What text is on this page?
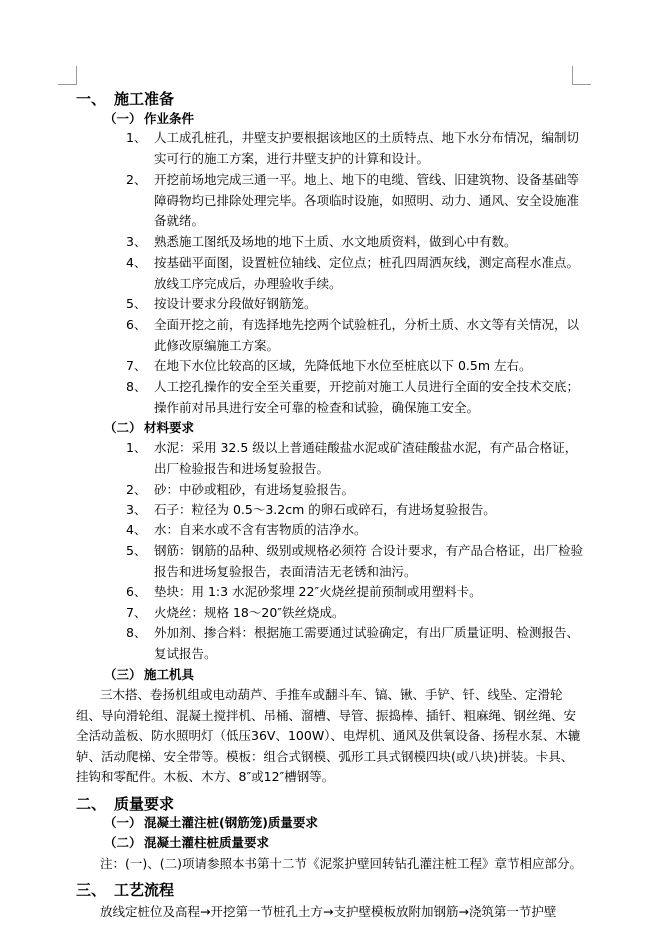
一、 施工准备
（一） 作业条件
1、 人工成孔桩孔，井壁支护要根据该地区的土质特点、地下水分布情况，编制切实可行的施工方案，进行井壁支护的计算和设计。
2、 开挖前场地完成三通一平。地上、地下的电缆、管线、旧建筑物、设备基础等障碍物均已排除处理完毕。各项临时设施，如照明、动力、通风、安全设施准备就绪。
3、 熟悉施工图纸及场地的地下土质、水文地质资料，做到心中有数。
4、 按基础平面图，设置桩位轴线、定位点；桩孔四周洒灰线，测定高程水准点。放线工序完成后，办理验收手续。
5、 按设计要求分段做好钢筋笼。
6、 全面开挖之前，有选择地先挖两个试验桩孔，分析土质、水文等有关情况，以此修改原编施工方案。
7、 在地下水位比较高的区域，先降低地下水位至桩底以下 0.5m 左右。
8、 人工挖孔操作的安全至关重要，开挖前对施工人员进行全面的安全技术交底；操作前对吊具进行安全可靠的检查和试验，确保施工安全。
（二） 材料要求
1、 水泥：采用 32.5 级以上普通硅酸盐水泥或矿渣硅酸盐水泥，有产品合格证，出厂检验报告和进场复验报告。
2、 砂：中砂或粗砂，有进场复验报告。
3、 石子：粒径为 0.5～3.2cm 的卵石或碎石，有进场复验报告。
4、 水：自来水或不含有害物质的洁净水。
5、 钢筋：钢筋的品种、级别或规格必须符 合设计要求，有产品合格证，出厂检验报告和进场复验报告，表面清洁无老锈和油污。
6、 垫块：用 1:3 水泥砂浆埋 22″火烧丝提前预制或用塑料卡。
7、 火烧丝：规格 18～20″铁丝烧成。
8、 外加剂、掺合料：根据施工需要通过试验确定，有出厂质量证明、检测报告、复试报告。
（三） 施工机具
三木搭、卷扬机组或电动葫芦、手推车或翻斗车、镐、锹、手铲、钎、线坠、定滑轮组、导向滑轮组、混凝土搅拌机、吊桶、溜槽、导管、振捣棒、插钎、粗麻绳、钢丝绳、安全活动盖板、防水照明灯（低压36V、100W）、电焊机、通风及供氧设备、扬程水泵、木辘轳、活动爬梯、安全带等。模板：组合式钢模、弧形工具式钢模四块(或八块)拼装。卡具、挂钩和零配件。木板、木方、8″或12″槽钢等。
二、 质量要求
（一） 混凝土灌注桩(钢筋笼)质量要求
（二） 混凝土灌柱桩质量要求
注：(一)、(二)项请参照本书第十二节《泥浆护壁回转钻孔灌注桩工程》章节相应部分。
三、 工艺流程
放线定桩位及高程→开挖第一节桩孔土方→支护壁模板放附加钢筋→浇筑第一节护壁
